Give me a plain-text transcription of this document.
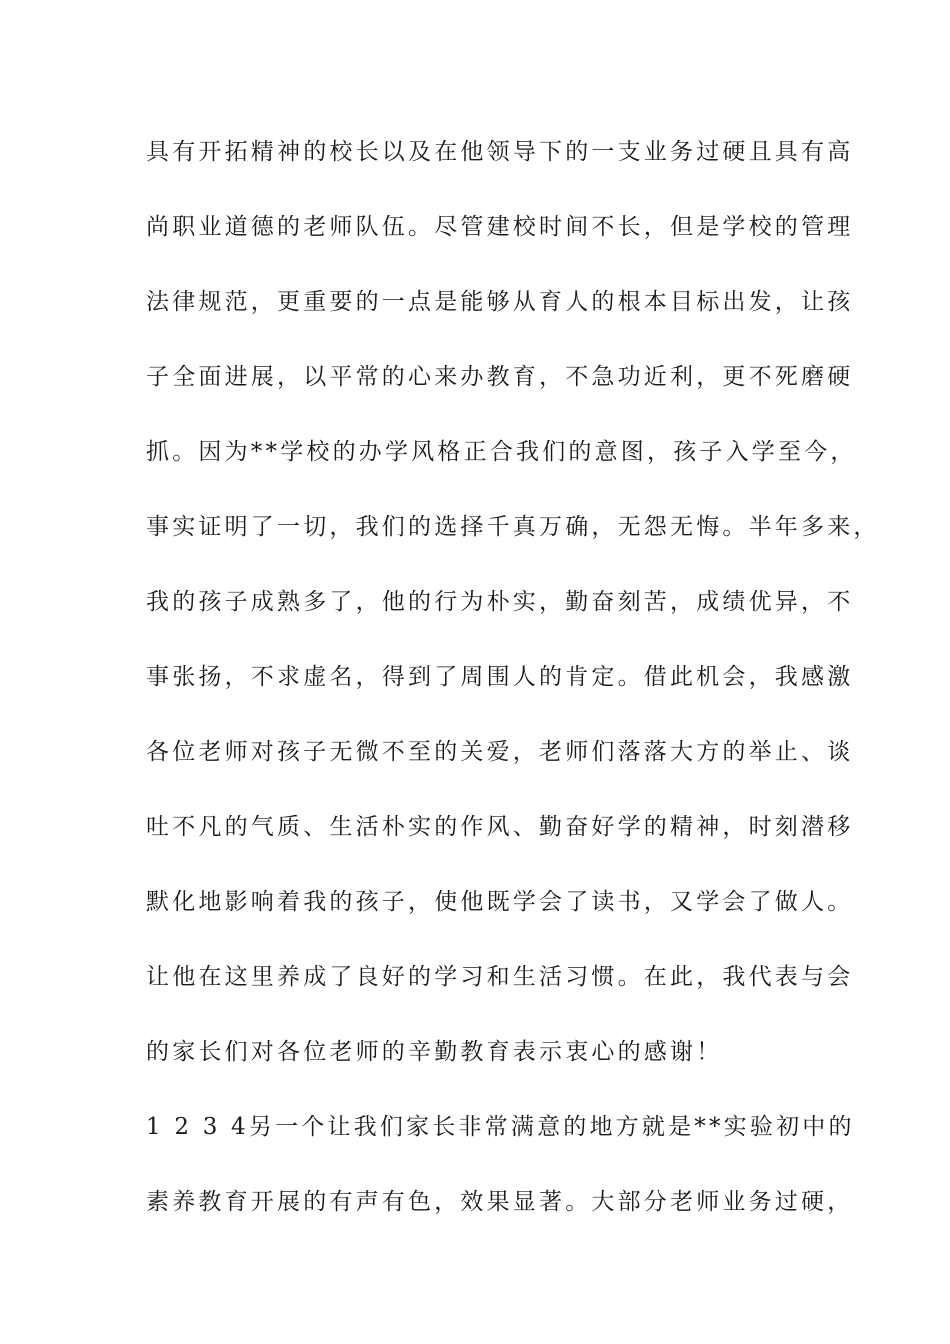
具有开拓精神的校长以及在他领导下的一支业务过硬且具有高
尚职业道德的老师队伍。尽管建校时间不长，但是学校的管理
法律规范，更重要的一点是能够从育人的根本目标出发，让孩
子全面进展，以平常的心来办教育，不急功近利，更不死磨硬
抓。因为**学校的办学风格正合我们的意图，孩子入学至今，
事实证明了一切，我们的选择千真万确，无怨无悔。半年多来，
我的孩子成熟多了，他的行为朴实，勤奋刻苦，成绩优异，不
事张扬，不求虚名，得到了周围人的肯定。借此机会，我感激
各位老师对孩子无微不至的关爱，老师们落落大方的举止、谈
吐不凡的气质、生活朴实的作风、勤奋好学的精神，时刻潜移
默化地影响着我的孩子，使他既学会了读书，又学会了做人。
让他在这里养成了良好的学习和生活习惯。在此，我代表与会
的家长们对各位老师的辛勤教育表示衷心的感谢！
1 2 3 4另一个让我们家长非常满意的地方就是**实验初中的
素养教育开展的有声有色，效果显著。大部分老师业务过硬，
